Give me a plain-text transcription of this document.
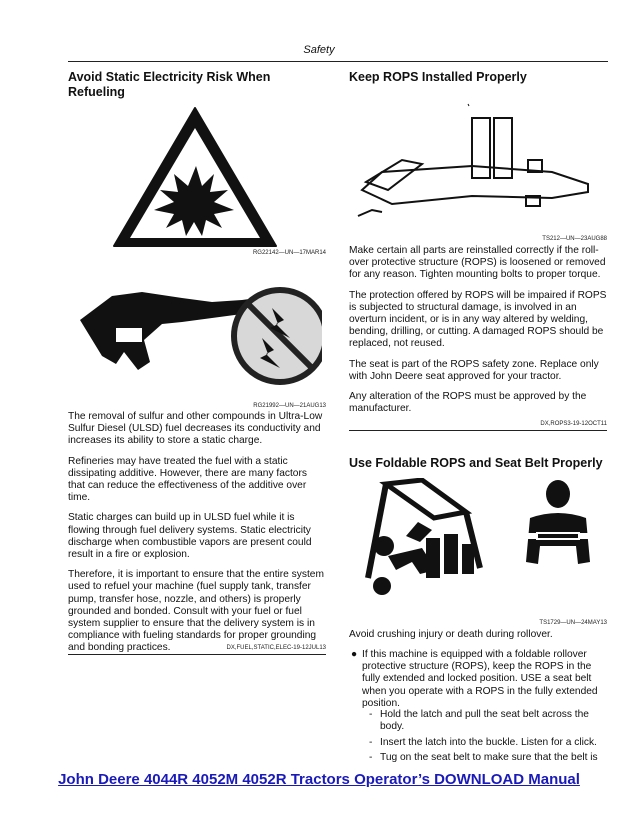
Safety
Avoid Static Electricity Risk When Refueling
RG22142—UN—17MAR14
RG21992—UN—21AUG13

The removal of sulfur and other compounds in Ultra-Low Sulfur Diesel (ULSD) fuel decreases its conductivity and increases its ability to store a static charge.

Refineries may have treated the fuel with a static dissipating additive. However, there are many factors that can reduce the effectiveness of the additive over time.

Static charges can build up in ULSD fuel while it is flowing through fuel delivery systems. Static electricity discharge when combustible vapors are present could result in a fire or explosion.

Therefore, it is important to ensure that the entire system used to refuel your machine (fuel supply tank, transfer pump, transfer hose, nozzle, and others) is properly grounded and bonded. Consult with your fuel or fuel system supplier to ensure that the delivery system is in compliance with fueling standards for proper grounding and bonding practices.	DX,FUEL,STATIC,ELEC-19-12JUL13
Keep ROPS Installed Properly
TS212—UN—23AUG88

Make certain all parts are reinstalled correctly if the roll-over protective structure (ROPS) is loosened or removed for any reason. Tighten mounting bolts to proper torque.

The protection offered by ROPS will be impaired if ROPS is subjected to structural damage, is involved in an overturn incident, or is in any way altered by welding, bending, drilling, or cutting. A damaged ROPS should be replaced, not reused.

The seat is part of the ROPS safety zone. Replace only with John Deere seat approved for your tractor.

Any alteration of the ROPS must be approved by the manufacturer.

DX,ROPS3-19-12OCT11
Use Foldable ROPS and Seat Belt Properly
TS1729—UN—24MAY13

Avoid crushing injury or death during rollover.

● If this machine is equipped with a foldable rollover protective structure (ROPS), keep the ROPS in the fully extended and locked position. USE a seat belt when you operate with a ROPS in the fully extended position.
- Hold the latch and pull the seat belt across the body.
- Insert the latch into the buckle. Listen for a click.
- Tug on the seat belt to make sure that the belt is
John Deere 4044R 4052M 4052R Tractors Operator’s DOWNLOAD Manual
